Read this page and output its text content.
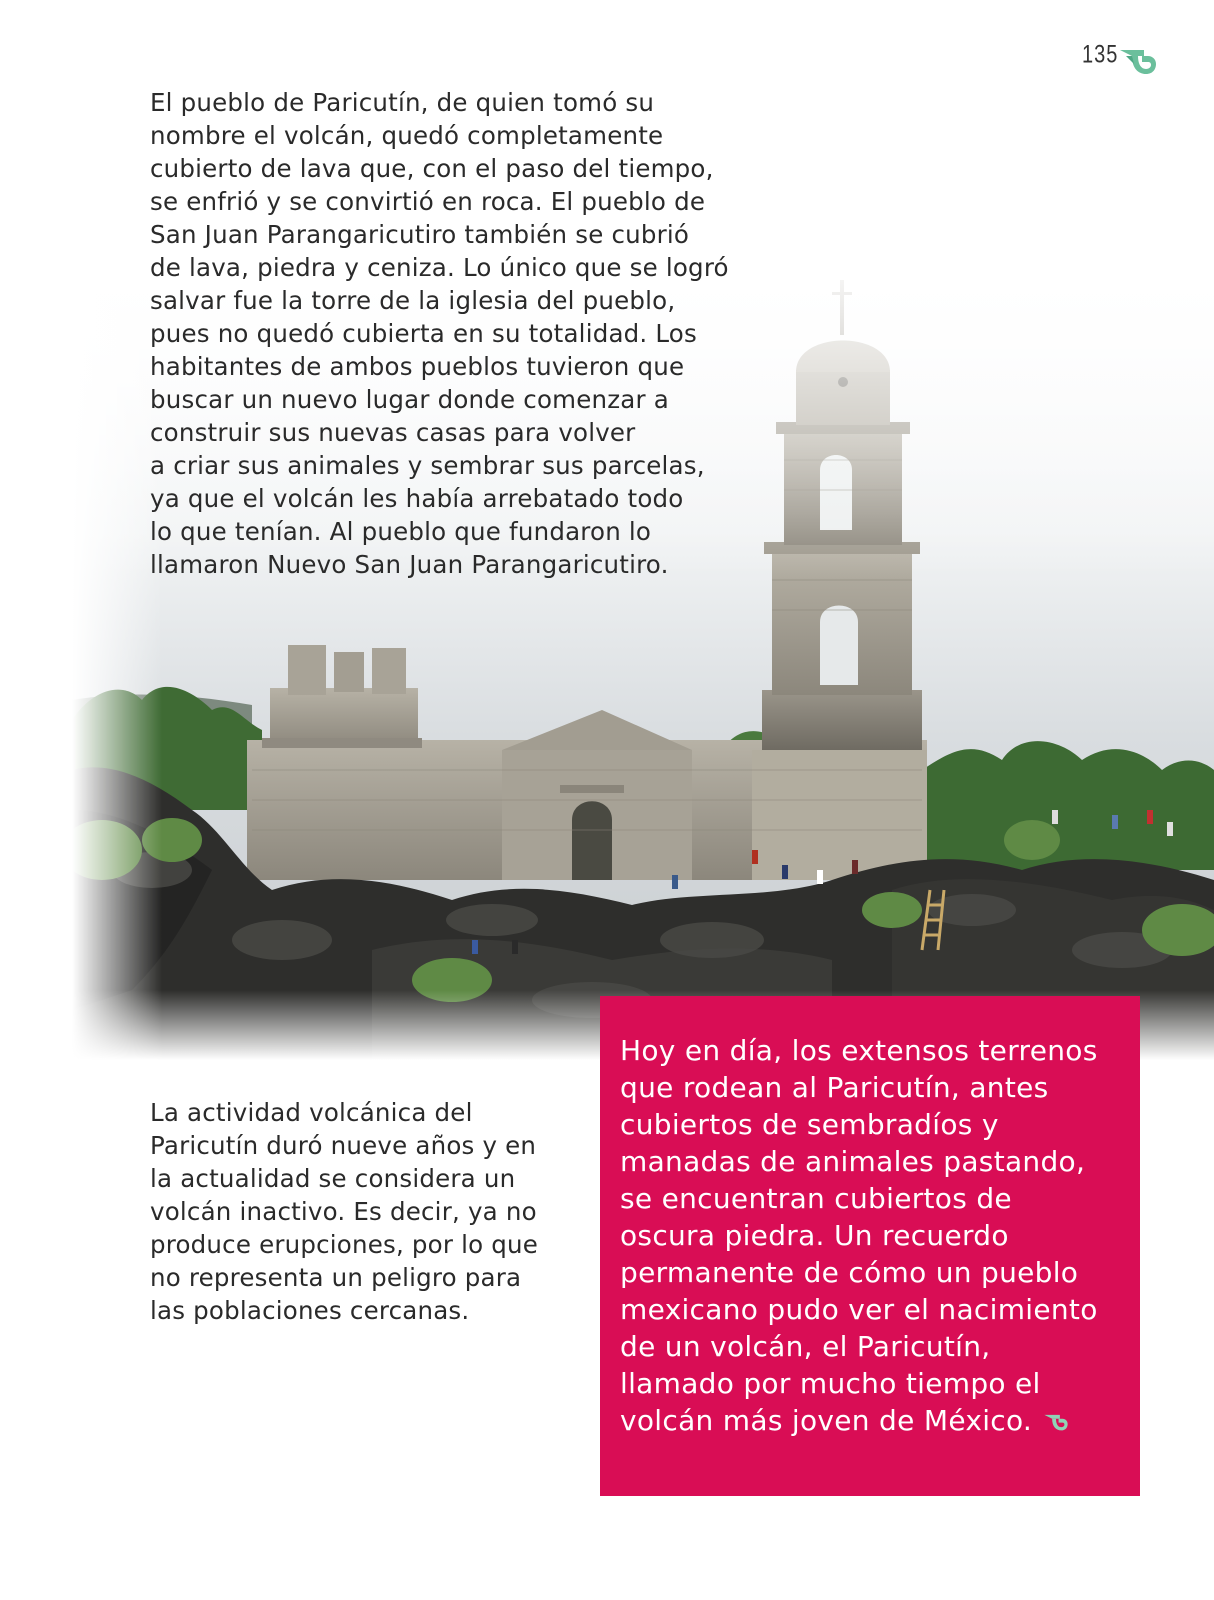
135
El pueblo de Paricutín, de quien tomó su
nombre el volcán, quedó completamente
cubierto de lava que, con el paso del tiempo,
se enfrió y se convirtió en roca. El pueblo de
San Juan Parangaricutiro también se cubrió
de lava, piedra y ceniza. Lo único que se logró
salvar fue la torre de la iglesia del pueblo,
pues no quedó cubierta en su totalidad. Los
habitantes de ambos pueblos tuvieron que
buscar un nuevo lugar donde comenzar a
construir sus nuevas casas para volver
a criar sus animales y sembrar sus parcelas,
ya que el volcán les había arrebatado todo
lo que tenían. Al pueblo que fundaron lo
llamaron Nuevo San Juan Parangaricutiro.
La actividad volcánica del
Paricutín duró nueve años y en
la actualidad se considera un
volcán inactivo. Es decir, ya no
produce erupciones, por lo que
no representa un peligro para
las poblaciones cercanas.
Hoy en día, los extensos terrenos
que rodean al Paricutín, antes
cubiertos de sembradíos y
manadas de animales pastando,
se encuentran cubiertos de
oscura piedra. Un recuerdo
permanente de cómo un pueblo
mexicano pudo ver el nacimiento
de un volcán, el Paricutín,
llamado por mucho tiempo el
volcán más joven de México.
